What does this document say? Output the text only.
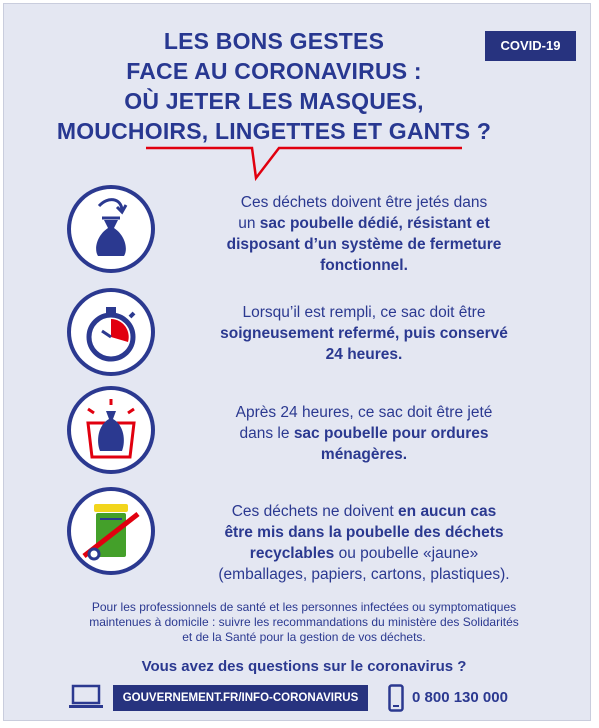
LES BONS GESTES
FACE AU CORONAVIRUS :
OÙ JETER LES MASQUES,
MOUCHOIRS, LINGETTES ET GANTS ?
COVID-19
Ces déchets doivent être jetés dans
un sac poubelle dédié, résistant et
disposant d’un système de fermeture
fonctionnel.
Lorsqu’il est rempli, ce sac doit être
soigneusement refermé, puis conservé
24 heures.
Après 24 heures, ce sac doit être jeté
dans le sac poubelle pour ordures
ménagères.
Ces déchets ne doivent en aucun cas
être mis dans la poubelle des déchets
recyclables ou poubelle «jaune»
(emballages, papiers, cartons, plastiques).
Pour les professionnels de santé et les personnes infectées ou symptomatiques
maintenues à domicile : suivre les recommandations du ministère des Solidarités
et de la Santé pour la gestion de vos déchets.
Vous avez des questions sur le coronavirus ?
GOUVERNEMENT.FR/INFO-CORONAVIRUS	0 800 130 000
